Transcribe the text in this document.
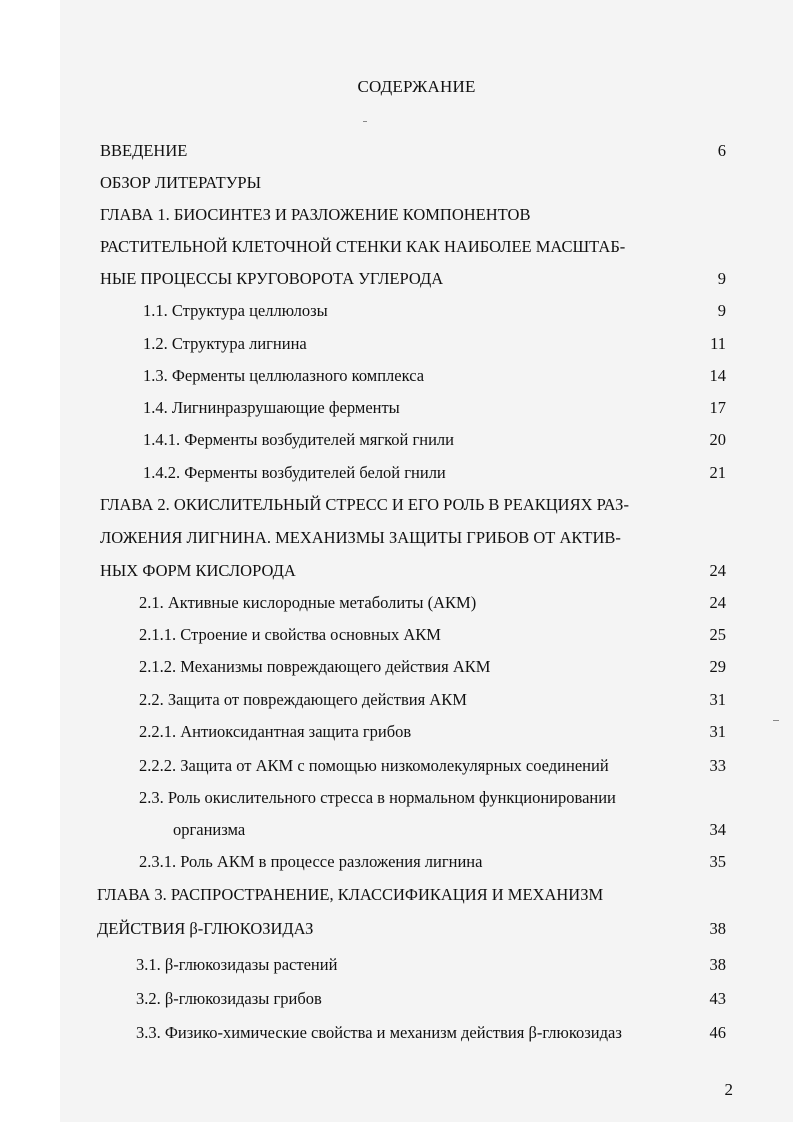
СОДЕРЖАНИЕ
ВВЕДЕНИЕ	6
ОБЗОР ЛИТЕРАТУРЫ
ГЛАВА 1. БИОСИНТЕЗ И РАЗЛОЖЕНИЕ КОМПОНЕНТОВ
РАСТИТЕЛЬНОЙ КЛЕТОЧНОЙ СТЕНКИ КАК НАИБОЛЕЕ МАСШТАБ-
НЫЕ ПРОЦЕССЫ КРУГОВОРОТА УГЛЕРОДА	9
1.1. Структура целлюлозы	9
1.2. Структура лигнина	11
1.3. Ферменты целлюлазного комплекса	14
1.4. Лигнинразрушающие ферменты	17
1.4.1. Ферменты возбудителей мягкой гнили	20
1.4.2. Ферменты возбудителей белой гнили	21
ГЛАВА 2. ОКИСЛИТЕЛЬНЫЙ СТРЕСС И ЕГО РОЛЬ В РЕАКЦИЯХ РАЗ-
ЛОЖЕНИЯ ЛИГНИНА. МЕХАНИЗМЫ ЗАЩИТЫ ГРИБОВ ОТ АКТИВ-
НЫХ ФОРМ КИСЛОРОДА	24
2.1. Активные кислородные метаболиты (АКМ)	24
2.1.1. Строение и свойства основных АКМ	25
2.1.2. Механизмы повреждающего действия АКМ	29
2.2. Защита от повреждающего действия АКМ	31
2.2.1. Антиоксидантная защита грибов	31
2.2.2. Защита от АКМ с помощью низкомолекулярных соединений	33
2.3. Роль окислительного стресса в нормальном функционировании
организма	34
2.3.1. Роль АКМ в процессе разложения лигнина	35
ГЛАВА 3. РАСПРОСТРАНЕНИЕ, КЛАССИФИКАЦИЯ И МЕХАНИЗМ
ДЕЙСТВИЯ β-ГЛЮКОЗИДАЗ	38
3.1. β-глюкозидазы растений	38
3.2. β-глюкозидазы грибов	43
3.3. Физико-химические свойства и механизм действия β-глюкозидаз	46
2
